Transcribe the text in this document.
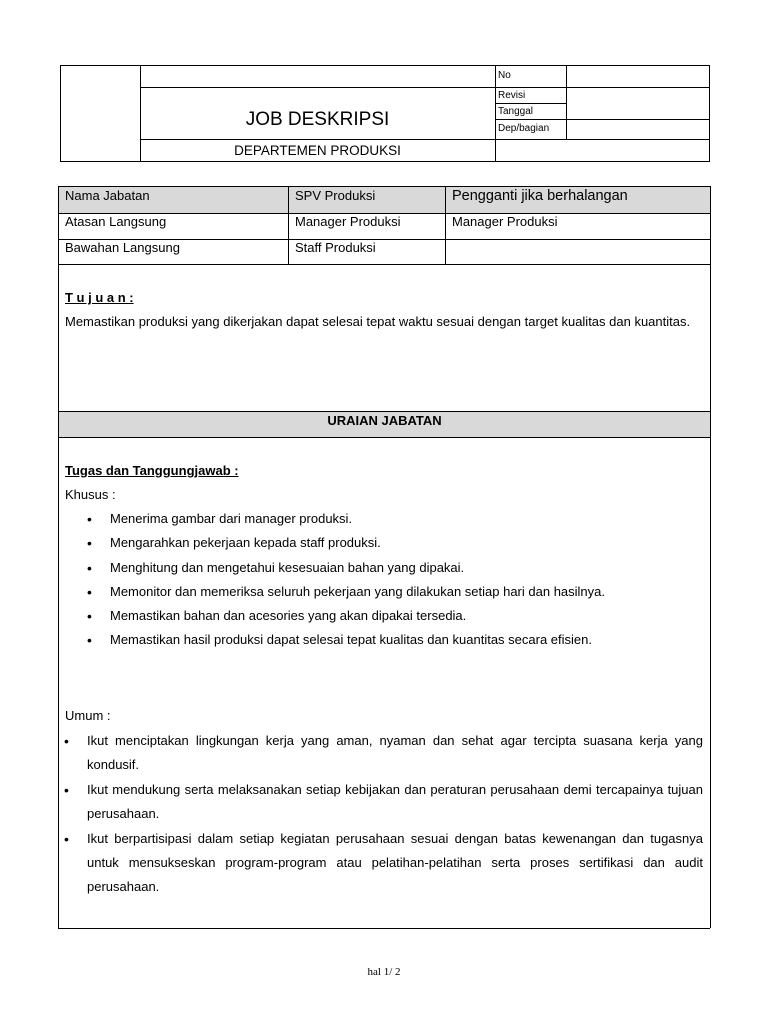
JOB DESKRIPSI
DEPARTEMEN PRODUKSI
No
Revisi
Tanggal
Dep/bagian
Nama Jabatan	SPV Produksi	Pengganti jika berhalangan
Atasan Langsung	Manager Produksi	Manager Produksi
Bawahan Langsung	Staff Produksi
T u j u a n :
Memastikan produksi yang dikerjakan dapat selesai tepat waktu sesuai dengan target kualitas dan kuantitas.
URAIAN JABATAN
Tugas dan Tanggungjawab :
Khusus :
• Menerima gambar dari manager produksi.
• Mengarahkan pekerjaan kepada staff produksi.
• Menghitung dan mengetahui kesesuaian bahan yang dipakai.
• Memonitor dan memeriksa seluruh pekerjaan yang dilakukan setiap hari dan hasilnya.
• Memastikan bahan dan acesories yang akan dipakai tersedia.
• Memastikan hasil produksi dapat selesai tepat kualitas dan kuantitas secara efisien.
Umum :
• Ikut menciptakan lingkungan kerja yang aman, nyaman dan sehat agar tercipta suasana kerja yang kondusif.
• Ikut mendukung serta melaksanakan setiap kebijakan dan peraturan perusahaan demi tercapainya tujuan perusahaan.
• Ikut berpartisipasi dalam setiap kegiatan perusahaan sesuai dengan batas kewenangan dan tugasnya untuk mensukseskan program-program atau pelatihan-pelatihan serta proses sertifikasi dan audit perusahaan.
hal 1/ 2
